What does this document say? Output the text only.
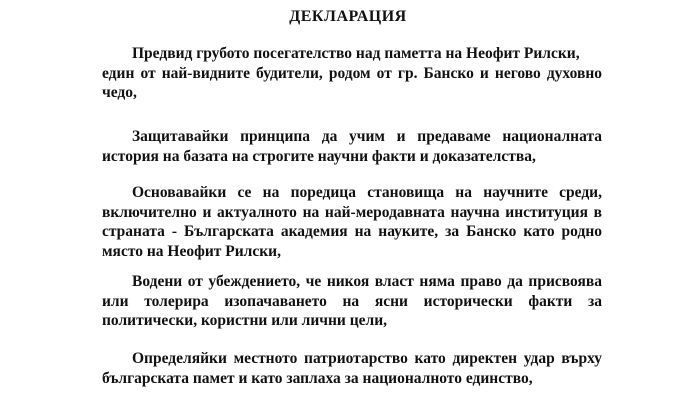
ДЕКЛАРАЦИЯ
Предвид грубото посегателство над паметта на Неофит Рилски,
един от най-видните будители, родом от гр. Банско и негово духовно
чедо,
Защитавайки принципа да учим и предаваме националната
история на базата на строгите научни факти и доказателства,
Основавайки се на поредица становища на научните среди,
включително и актуалното на най-меродавната научна институция в
страната - Българската академия на науките, за Банско като родно
място на Неофит Рилски,
Водени от убеждението, че никоя власт няма право да присвоява
или толерира изопачаването на ясни исторически факти за
политически, користни или лични цели,
Определяйки местното патриотарство като директен удар върху
българската памет и като заплаха за националното единство,
